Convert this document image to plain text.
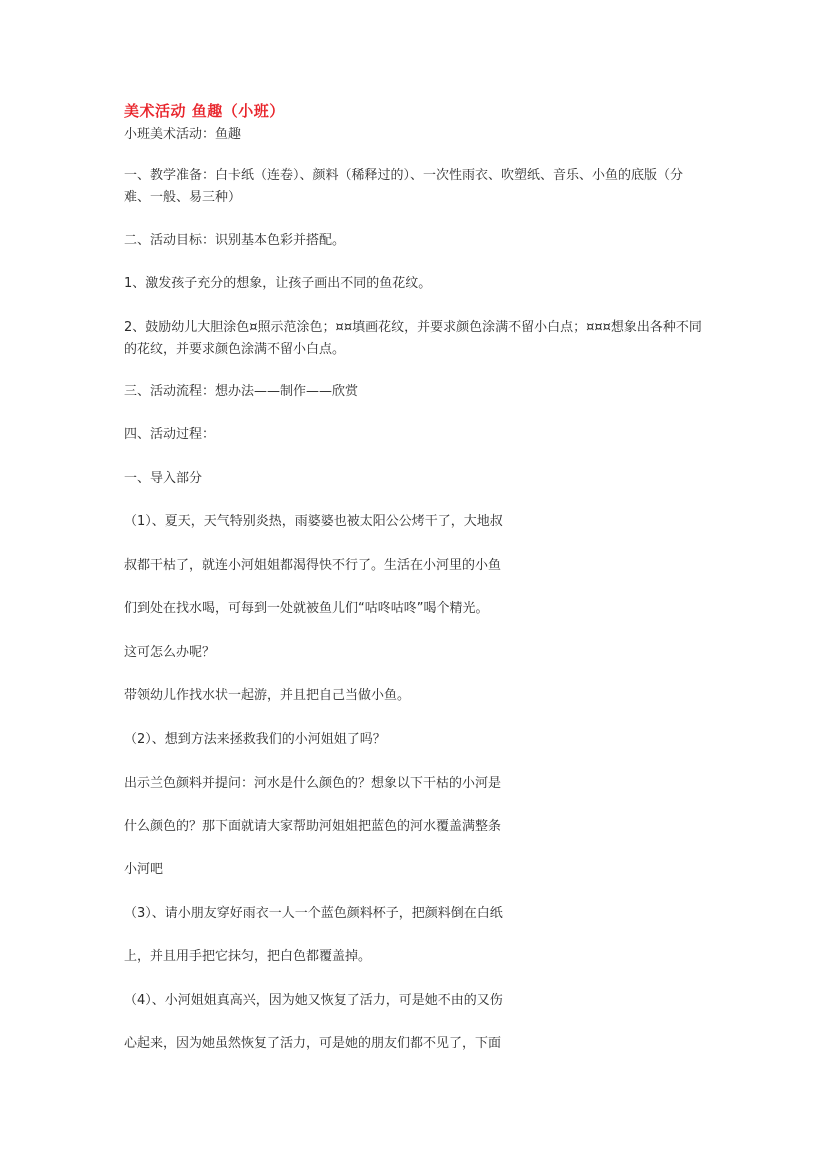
美术活动 鱼趣（小班）
小班美术活动：鱼趣
一、教学准备：白卡纸（连卷）、颜料（稀释过的）、一次性雨衣、吹塑纸、音乐、小鱼的底版（分难、一般、易三种）
二、活动目标：识别基本色彩并搭配。
1、激发孩子充分的想象，让孩子画出不同的鱼花纹。
2、鼓励幼儿大胆涂色¤照示范涂色；¤¤填画花纹，并要求颜色涂满不留小白点；¤¤¤想象出各种不同的花纹，并要求颜色涂满不留小白点。
三、活动流程：想办法——制作——欣赏
四、活动过程：
一、导入部分
（1）、夏天，天气特别炎热，雨婆婆也被太阳公公烤干了，大地叔
叔都干枯了，就连小河姐姐都渴得快不行了。生活在小河里的小鱼
们到处在找水喝，可每到一处就被鱼儿们“咕咚咕咚”喝个精光。
这可怎么办呢？
带领幼儿作找水状一起游，并且把自己当做小鱼。
（2）、想到方法来拯救我们的小河姐姐了吗？
出示兰色颜料并提问：河水是什么颜色的？想象以下干枯的小河是
什么颜色的？那下面就请大家帮助河姐姐把蓝色的河水覆盖满整条
小河吧
（3）、请小朋友穿好雨衣一人一个蓝色颜料杯子，把颜料倒在白纸
上，并且用手把它抹匀，把白色都覆盖掉。
（4）、小河姐姐真高兴，因为她又恢复了活力，可是她不由的又伤
心起来，因为她虽然恢复了活力，可是她的朋友们都不见了，下面
